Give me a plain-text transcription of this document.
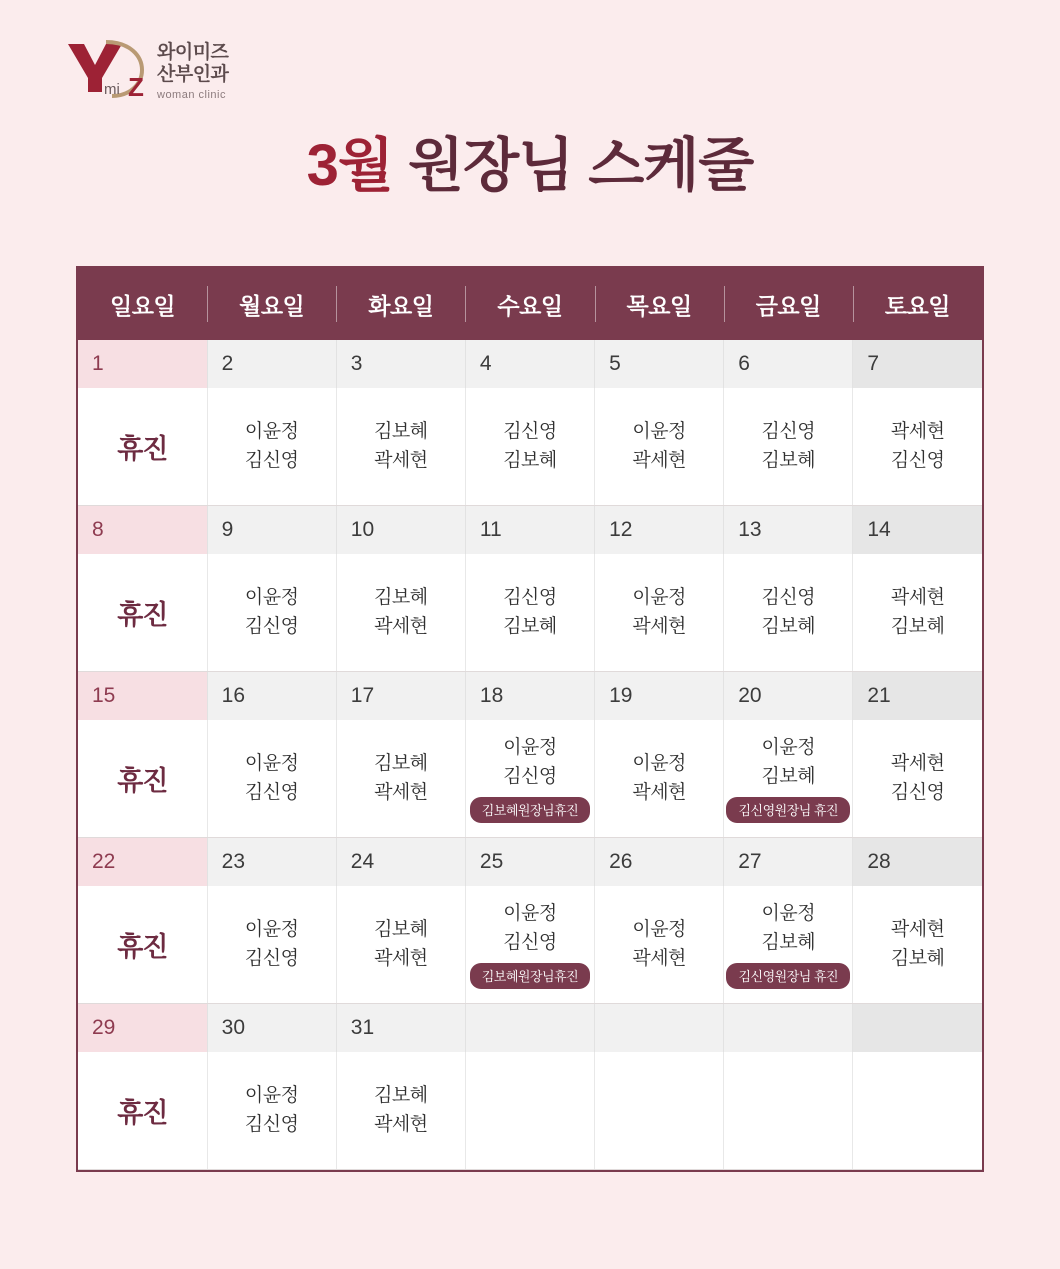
mi Z
와이미즈
산부인과
woman clinic
3월 원장님 스케줄
일요일	월요일	화요일	수요일	목요일	금요일	토요일
1	2	3	4	5	6	7

휴진

이윤정
김신영

김보혜
곽세현

김신영
김보혜

이윤정
곽세현

김신영
김보혜

곽세현
김신영

8	9	10	11	12	13	14

휴진

이윤정
김신영

김보혜
곽세현

김신영
김보혜

이윤정
곽세현

김신영
김보혜

곽세현
김보혜

15	16	17	18	19	20	21

휴진

이윤정
김신영

김보혜
곽세현

이윤정
김신영
김보혜원장님휴진

이윤정
곽세현

이윤정
김보혜
김신영원장님 휴진

곽세현
김신영

22	23	24	25	26	27	28

휴진

이윤정
김신영

김보혜
곽세현

이윤정
김신영
김보혜원장님휴진

이윤정
곽세현

이윤정
김보혜
김신영원장님 휴진

곽세현
김보혜

29	30	31				

휴진

이윤정
김신영

김보혜
곽세현
